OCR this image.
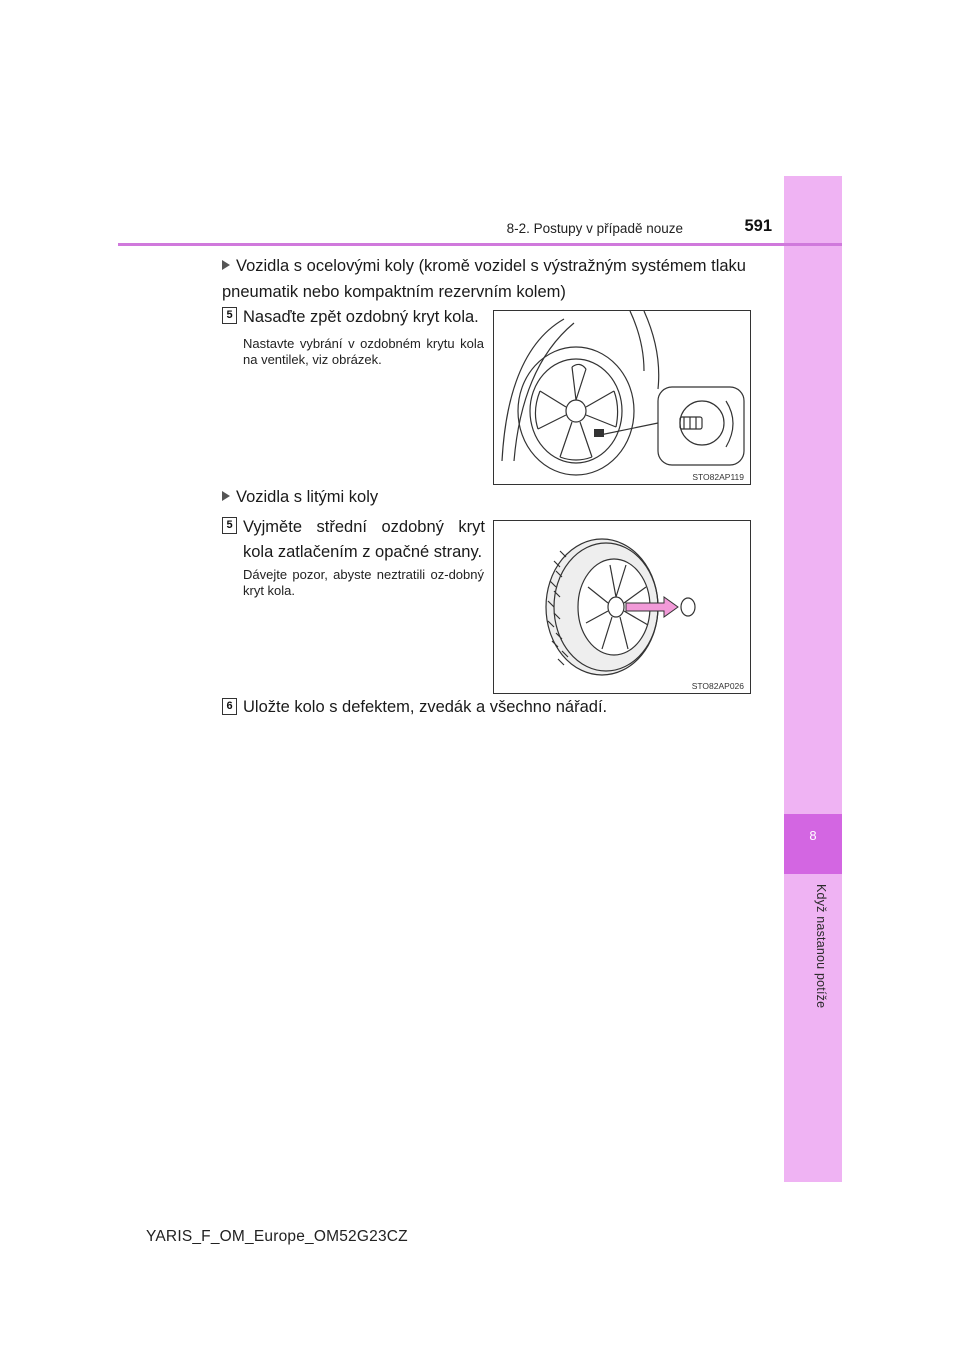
8
Když nastanou potíže
8-2. Postupy v případě nouze	591
Vozidla s ocelovými koly (kromě vozidel s výstražným systémem tlaku pneumatik nebo kompaktním rezervním kolem)
5 Nasaďte zpět ozdobný kryt kola.
Nastavte vybrání v ozdobném krytu kola na ventilek, viz obrázek.
STO82AP119
Vozidla s litými koly
5 Vyjměte střední ozdobný kryt kola zatlačením z opačné strany.
Dávejte pozor, abyste neztratili oz-dobný kryt kola.
STO82AP026
6 Uložte kolo s defektem, zvedák a všechno nářadí.
YARIS_F_OM_Europe_OM52G23CZ
